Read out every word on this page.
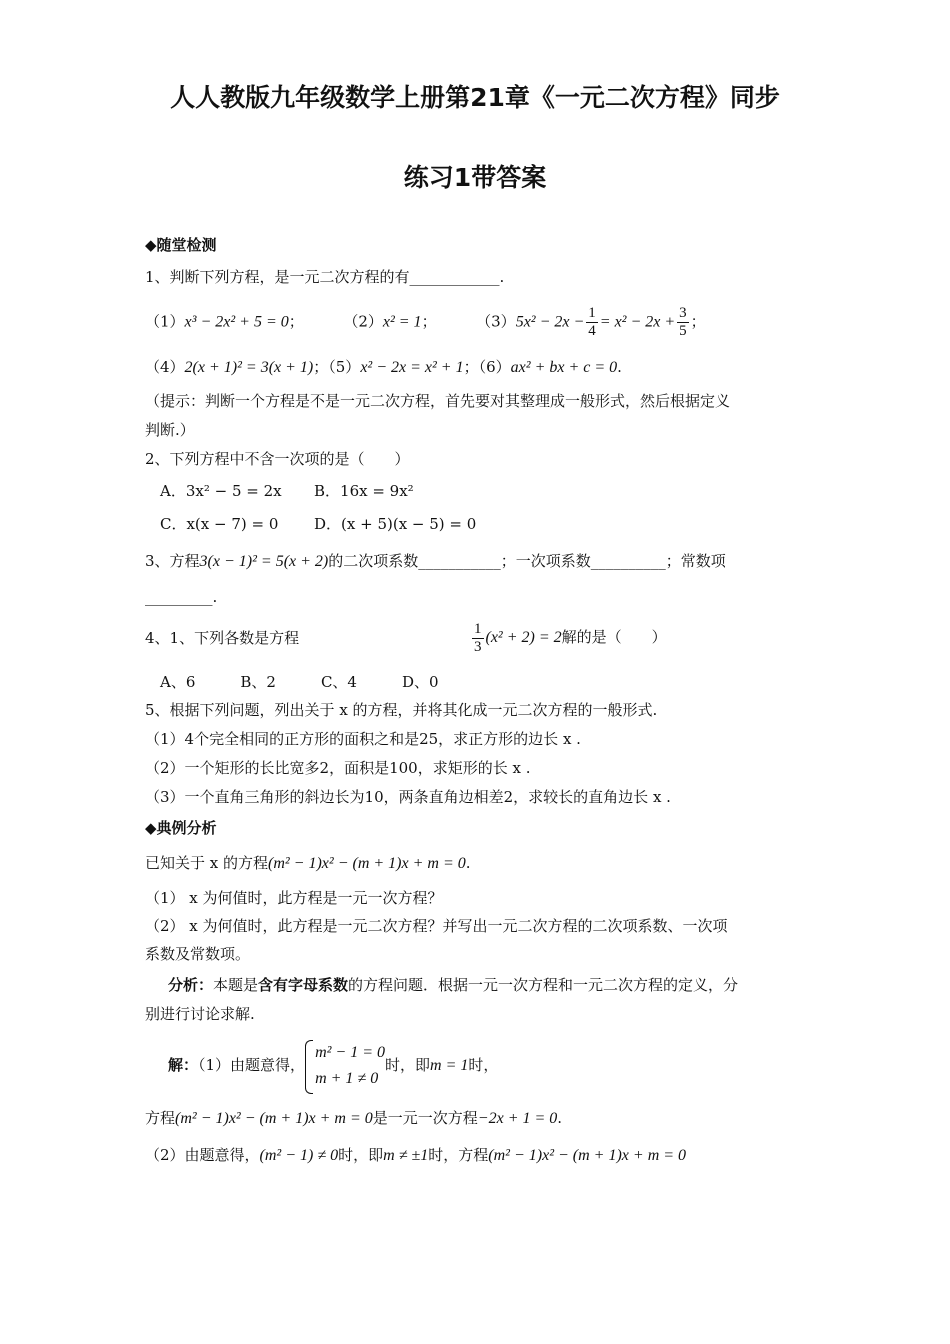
人人教版九年级数学上册第21章《一元二次方程》同步
练习1带答案
◆随堂检测
1、判断下列方程，是一元二次方程的有____________.
（1）x³ − 2x² + 5 = 0；	（2）x² = 1；	$(3)5x^2 - 2x - \frac{1}{4} = x^2 - 2x + \frac{3}{5}$ ；
（4）2(x + 1)² = 3(x + 1)；（5）x² − 2x = x² + 1；（6）ax² + bx + c = 0.
（提示：判断一个方程是不是一元二次方程，首先要对其整理成一般形式，然后根据定义
判断.）
2、下列方程中不含一次项的是（　　）
A．3x² − 5 = 2x B．16x = 9x²
C．x(x − 7) = 0 D．(x + 5)(x − 5) = 0
3、方程3(x − 1)² = 5(x + 2)的二次项系数___________；一次项系数__________；常数项
_________.
4、1、下列各数是方程	$\frac{1}{3} (x^2 + 2) = 2$解的是（　　）
A、6　　　B、2　　　C、4　　　D、0
5、根据下列问题，列出关于 x 的方程，并将其化成一元二次方程的一般形式.
（1）4个完全相同的正方形的面积之和是25，求正方形的边长 x .
（2）一个矩形的长比宽多2，面积是100，求矩形的长 x .
（3）一个直角三角形的斜边长为10，两条直角边相差2，求较长的直角边长 x .
◆典例分析
已知关于 x 的方程(m² − 1)x² − (m + 1)x + m = 0.
（1） x 为何值时，此方程是一元一次方程？
（2） x 为何值时，此方程是一元二次方程？并写出一元二次方程的二次项系数、一次项
系数及常数项。
分析：本题是含有字母系数的方程问题．根据一元一次方程和一元二次方程的定义，分
别进行讨论求解.
解：（1）由题意得，
m² − 1 = 0
m + 1 ≠ 0
时，即m = 1时，
方程(m² − 1)x² − (m + 1)x + m = 0是一元一次方程−2x + 1 = 0.
（2）由题意得，(m² − 1) ≠ 0时，即m ≠ ±1时，方程(m² − 1)x² − (m + 1)x + m = 0
